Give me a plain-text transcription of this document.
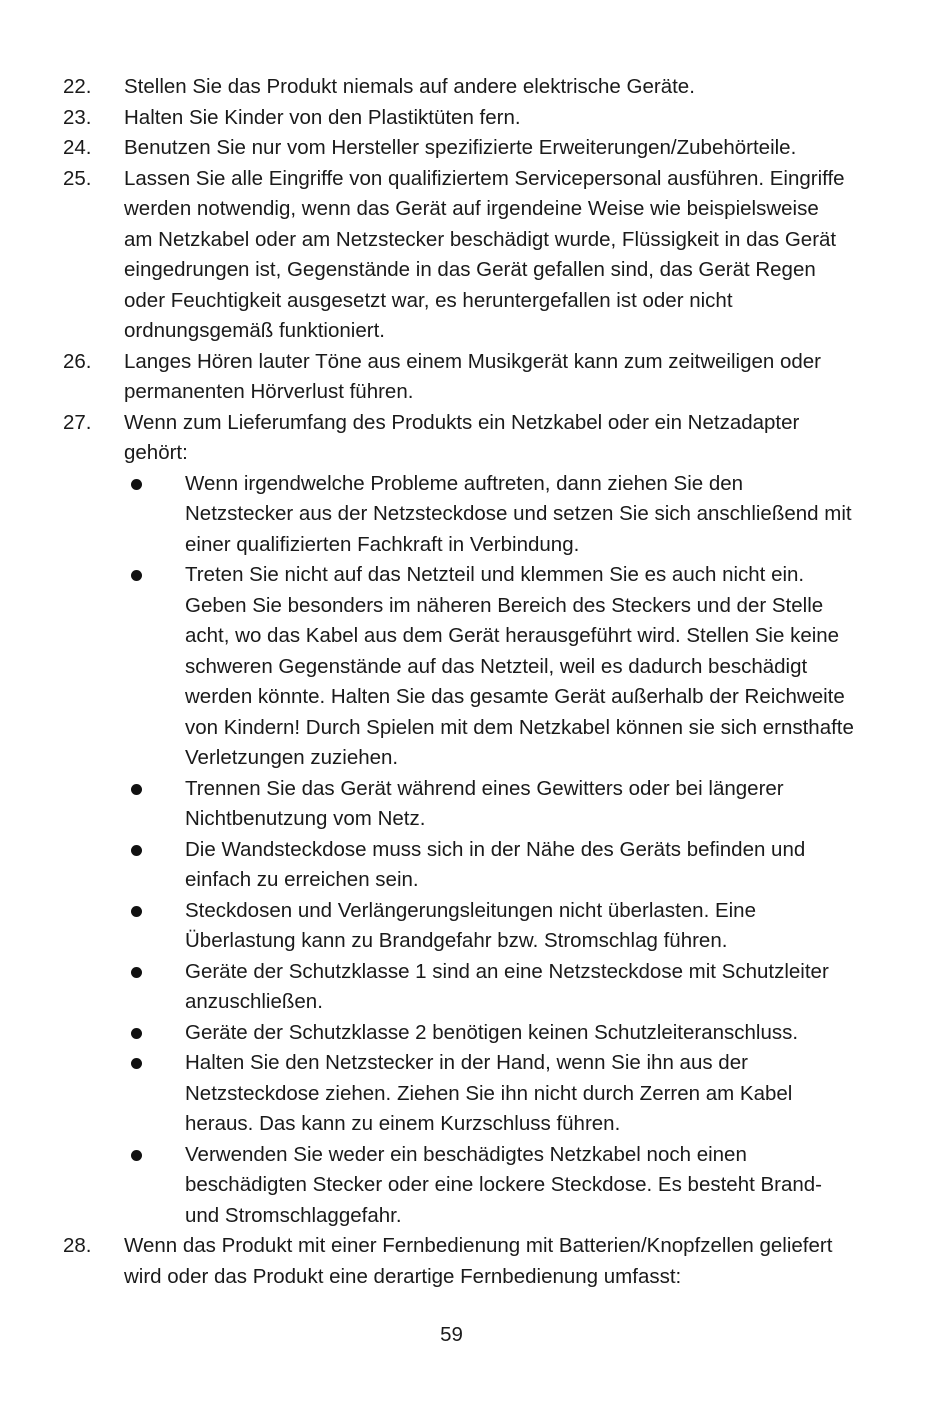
22. Stellen Sie das Produkt niemals auf andere elektrische Geräte.
23. Halten Sie Kinder von den Plastiktüten fern.
24. Benutzen Sie nur vom Hersteller spezifizierte Erweiterungen/Zubehörteile.
25. Lassen Sie alle Eingriffe von qualifiziertem Servicepersonal ausführen. Eingriffe werden notwendig, wenn das Gerät auf irgendeine Weise wie beispielsweise am Netzkabel oder am Netzstecker beschädigt wurde, Flüssigkeit in das Gerät eingedrungen ist, Gegenstände in das Gerät gefallen sind, das Gerät Regen oder Feuchtigkeit ausgesetzt war, es heruntergefallen ist oder nicht ordnungsgemäß funktioniert.
26. Langes Hören lauter Töne aus einem Musikgerät kann zum zeitweiligen oder permanenten Hörverlust führen.
27. Wenn zum Lieferumfang des Produkts ein Netzkabel oder ein Netzadapter gehört:
Wenn irgendwelche Probleme auftreten, dann ziehen Sie den Netzstecker aus der Netzsteckdose und setzen Sie sich anschließend mit einer qualifizierten Fachkraft in Verbindung.
Treten Sie nicht auf das Netzteil und klemmen Sie es auch nicht ein. Geben Sie besonders im näheren Bereich des Steckers und der Stelle acht, wo das Kabel aus dem Gerät herausgeführt wird. Stellen Sie keine schweren Gegenstände auf das Netzteil, weil es dadurch beschädigt werden könnte. Halten Sie das gesamte Gerät außerhalb der Reichweite von Kindern! Durch Spielen mit dem Netzkabel können sie sich ernsthafte Verletzungen zuziehen.
Trennen Sie das Gerät während eines Gewitters oder bei längerer Nichtbenutzung vom Netz.
Die Wandsteckdose muss sich in der Nähe des Geräts befinden und einfach zu erreichen sein.
Steckdosen und Verlängerungsleitungen nicht überlasten. Eine Überlastung kann zu Brandgefahr bzw. Stromschlag führen.
Geräte der Schutzklasse 1 sind an eine Netzsteckdose mit Schutzleiter anzuschließen.
Geräte der Schutzklasse 2 benötigen keinen Schutzleiteranschluss.
Halten Sie den Netzstecker in der Hand, wenn Sie ihn aus der Netzsteckdose ziehen. Ziehen Sie ihn nicht durch Zerren am Kabel heraus. Das kann zu einem Kurzschluss führen.
Verwenden Sie weder ein beschädigtes Netzkabel noch einen beschädigten Stecker oder eine lockere Steckdose. Es besteht Brand- und Stromschlaggefahr.
28. Wenn das Produkt mit einer Fernbedienung mit Batterien/Knopfzellen geliefert wird oder das Produkt eine derartige Fernbedienung umfasst:
59
